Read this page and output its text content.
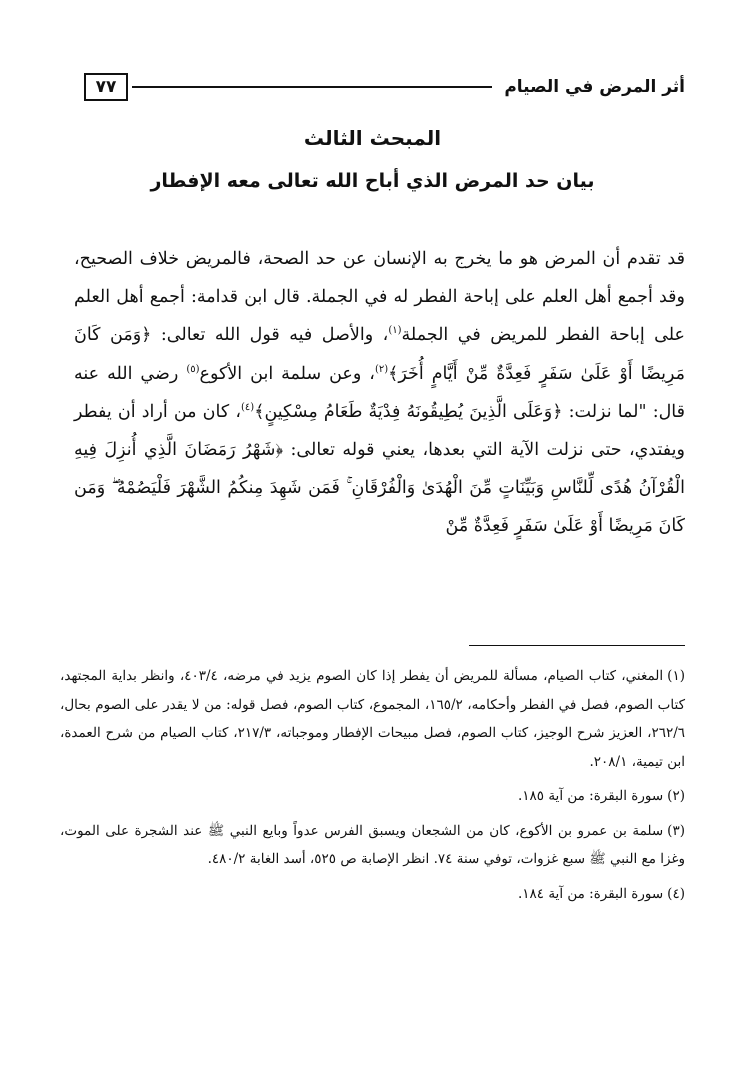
أثر المرض في الصيام
٧٧
المبحث الثالث
بيان حد المرض الذي أباح الله تعالى معه الإفطار

قد تقدم أن المرض هو ما يخرج به الإنسان عن حد الصحة، فالمريض خلاف الصحيح، وقد أجمع أهل العلم على إباحة الفطر له في الجملة. قال ابن قدامة: أجمع أهل العلم على إباحة الفطر للمريض في الجملة$^{(١)}$، والأصل فيه قول الله تعالى: ﴿وَمَن كَانَ مَرِيضًا أَوْ عَلَىٰ سَفَرٍ فَعِدَّةٌ مِّنْ أَيَّامٍ أُخَرَ﴾$^{(٢)}$، وعن سلمة ابن الأكوع$^{(٥)}$ رضي الله عنه قال: "لما نزلت: ﴿وَعَلَى الَّذِينَ يُطِيقُونَهُ فِدْيَةٌ طَعَامُ مِسْكِينٍ﴾$^{(٤)}$، كان من أراد أن يفطر ويفتدي، حتى نزلت الآية التي بعدها، يعني قوله تعالى: ﴿شَهْرُ رَمَضَانَ الَّذِي أُنزِلَ فِيهِ الْقُرْآنُ هُدًى لِّلنَّاسِ وَبَيِّنَاتٍ مِّنَ الْهُدَىٰ وَالْفُرْقَانِ ۚ فَمَن شَهِدَ مِنكُمُ الشَّهْرَ فَلْيَصُمْهُ ۖ وَمَن كَانَ مَرِيضًا أَوْ عَلَىٰ سَفَرٍ فَعِدَّةٌ مِّنْ

(١)المغني، كتاب الصيام، مسألة للمريض أن يفطر إذا كان الصوم يزيد في مرضه، ٤٠٣/٤، وانظر بداية المجتهد، كتاب الصوم، فصل في الفطر وأحكامه، ١٦٥/٢، المجموع، كتاب الصوم، فصل قوله: من لا يقدر على الصوم بحال، ٢٦٢/٦، العزيز شرح الوجيز، كتاب الصوم، فصل مبيحات الإفطار وموجباته، ٢١٧/٣، كتاب الصيام من شرح العمدة، ابن تيمية، ٢٠٨/١.
(٢)سورة البقرة: من آية ١٨٥.
(٣)سلمة بن عمرو بن الأكوع، كان من الشجعان ويسبق الفرس عدواً وبايع النبي ﷺ عند الشجرة على الموت، وغزا مع النبي ﷺ سبع غزوات، توفي سنة ٧٤. انظر الإصابة ص ٥٢٥، أسد الغابة ٤٨٠/٢.
(٤)سورة البقرة: من آية ١٨٤.
